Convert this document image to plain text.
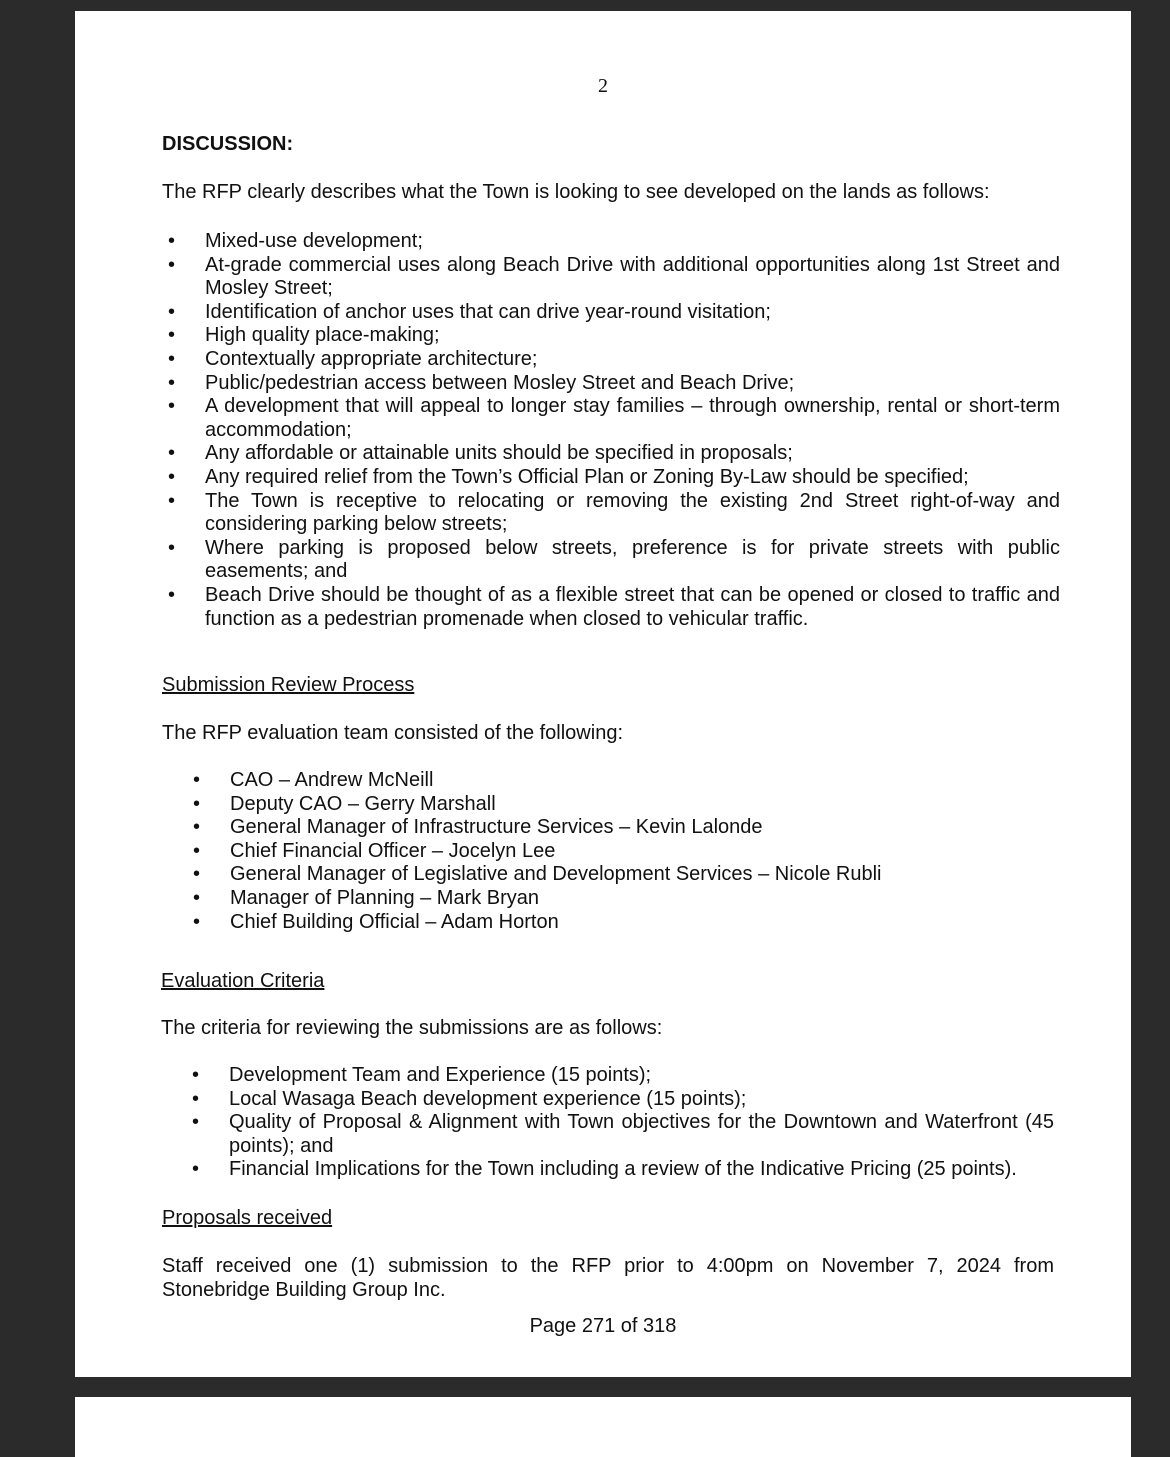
2

DISCUSSION:

The RFP clearly describes what the Town is looking to see developed on the lands as follows:

•	Mixed-use development;
•	At-grade commercial uses along Beach Drive with additional opportunities along 1st Street and Mosley Street;
•	Identification of anchor uses that can drive year-round visitation;
•	High quality place-making;
•	Contextually appropriate architecture;
•	Public/pedestrian access between Mosley Street and Beach Drive;
•	A development that will appeal to longer stay families – through ownership, rental or short-term accommodation;
•	Any affordable or attainable units should be specified in proposals;
•	Any required relief from the Town’s Official Plan or Zoning By-Law should be specified;
•	The Town is receptive to relocating or removing the existing 2nd Street right-of-way and considering parking below streets;
•	Where parking is proposed below streets, preference is for private streets with public easements; and
•	Beach Drive should be thought of as a flexible street that can be opened or closed to traffic and function as a pedestrian promenade when closed to vehicular traffic.

Submission Review Process

The RFP evaluation team consisted of the following:

•	CAO – Andrew McNeill
•	Deputy CAO – Gerry Marshall
•	General Manager of Infrastructure Services – Kevin Lalonde
•	Chief Financial Officer – Jocelyn Lee
•	General Manager of Legislative and Development Services – Nicole Rubli
•	Manager of Planning – Mark Bryan
•	Chief Building Official – Adam Horton

Evaluation Criteria

The criteria for reviewing the submissions are as follows:

•	Development Team and Experience (15 points);
•	Local Wasaga Beach development experience (15 points);
•	Quality of Proposal & Alignment with Town objectives for the Downtown and Waterfront (45 points); and
•	Financial Implications for the Town including a review of the Indicative Pricing (25 points).

Proposals received

Staff received one (1) submission to the RFP prior to 4:00pm on November 7, 2024 from Stonebridge Building Group Inc.

Page 271 of 318
